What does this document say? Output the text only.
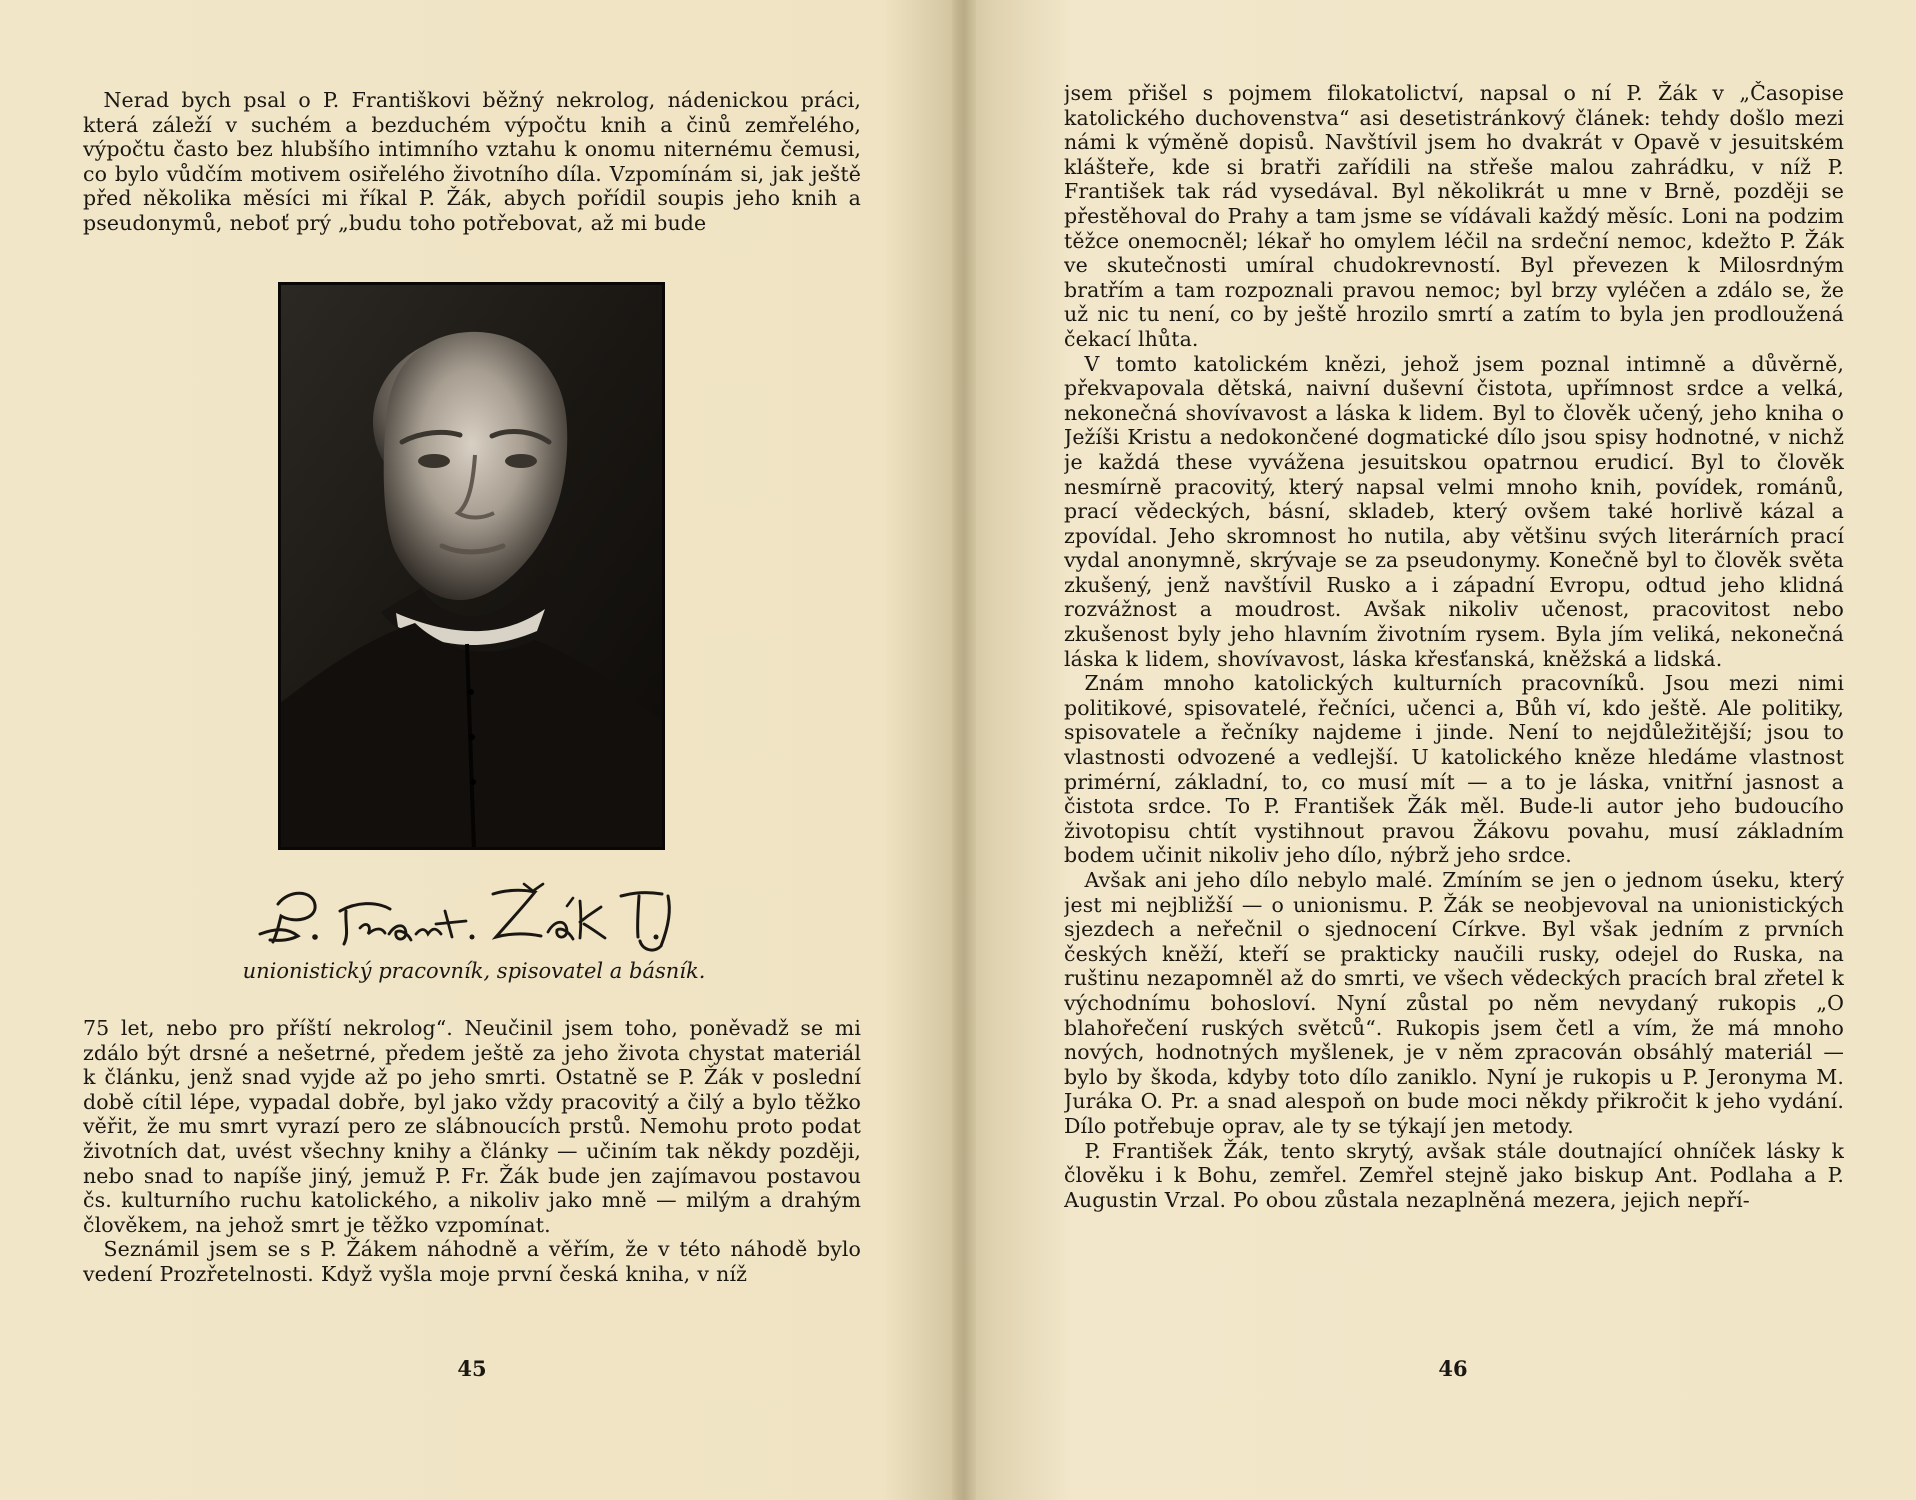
Nerad bych psal o P. Františkovi běžný nekrolog, nádenickou práci, která záleží v suchém a bezduchém výpočtu knih a činů zemřelého, výpočtu často bez hlubšího intimního vztahu k onomu niternému čemusi, co bylo vůdčím motivem osiřelého životního díla. Vzpomínám si, jak ještě před několika měsíci mi říkal P. Žák, abych pořídil soupis jeho knih a pseudonymů, neboť prý „budu toho potřebovat, až mi bude

unionistický pracovník, spisovatel a básník.

75 let, nebo pro příští nekrolog“. Neučinil jsem toho, poněvadž se mi zdálo být drsné a nešetrné, předem ještě za jeho života chystat materiál k článku, jenž snad vyjde až po jeho smrti. Ostatně se P. Žák v poslední době cítil lépe, vypadal dobře, byl jako vždy pracovitý a čilý a bylo těžko věřit, že mu smrt vyrazí pero ze slábnoucích prstů. Nemohu proto podat životních dat, uvést všechny knihy a články — učiním tak někdy později, nebo snad to napíše jiný, jemuž P. Fr. Žák bude jen zajímavou postavou čs. kulturního ruchu katolického, a nikoliv jako mně — milým a drahým člověkem, na jehož smrt je těžko vzpomínat.

Seznámil jsem se s P. Žákem náhodně a věřím, že v této náhodě bylo vedení Prozřetelnosti. Když vyšla moje první česká kniha, v níž

45

jsem přišel s pojmem filokatolictví, napsal o ní P. Žák v „Časopise katolického duchovenstva“ asi desetistránkový článek: tehdy došlo mezi námi k výměně dopisů. Navštívil jsem ho dvakrát v Opavě v jesuitském klášteře, kde si bratři zařídili na střeše malou zahrádku, v níž P. František tak rád vysedával. Byl několikrát u mne v Brně, později se přestěhoval do Prahy a tam jsme se vídávali každý měsíc. Loni na podzim těžce onemocněl; lékař ho omylem léčil na srdeční nemoc, kdežto P. Žák ve skutečnosti umíral chudokrevností. Byl převezen k Milosrdným bratřím a tam rozpoznali pravou nemoc; byl brzy vyléčen a zdálo se, že už nic tu není, co by ještě hrozilo smrtí a zatím to byla jen prodloužená čekací lhůta.

V tomto katolickém knězi, jehož jsem poznal intimně a důvěrně, překvapovala dětská, naivní duševní čistota, upřímnost srdce a velká, nekonečná shovívavost a láska k lidem. Byl to člověk učený, jeho kniha o Ježíši Kristu a nedokončené dogmatické dílo jsou spisy hodnotné, v nichž je každá these vyvážena jesuitskou opatrnou erudicí. Byl to člověk nesmírně pracovitý, který napsal velmi mnoho knih, povídek, románů, prací vědeckých, básní, skladeb, který ovšem také horlivě kázal a zpovídal. Jeho skromnost ho nutila, aby většinu svých literárních prací vydal anonymně, skrývaje se za pseudonymy. Konečně byl to člověk světa zkušený, jenž navštívil Rusko a i západní Evropu, odtud jeho klidná rozvážnost a moudrost. Avšak nikoliv učenost, pracovitost nebo zkušenost byly jeho hlavním životním rysem. Byla jím veliká, nekonečná láska k lidem, shovívavost, láska křesťanská, kněžská a lidská.

Znám mnoho katolických kulturních pracovníků. Jsou mezi nimi politikové, spisovatelé, řečníci, učenci a, Bůh ví, kdo ještě. Ale politiky, spisovatele a řečníky najdeme i jinde. Není to nejdůležitější; jsou to vlastnosti odvozené a vedlejší. U katolického kněze hledáme vlastnost primérní, základní, to, co musí mít — a to je láska, vnitřní jasnost a čistota srdce. To P. František Žák měl. Bude-li autor jeho budoucího životopisu chtít vystihnout pravou Žákovu povahu, musí základním bodem učinit nikoliv jeho dílo, nýbrž jeho srdce.

Avšak ani jeho dílo nebylo malé. Zmíním se jen o jednom úseku, který jest mi nejbližší — o unionismu. P. Žák se neobjevoval na unionistických sjezdech a neřečnil o sjednocení Církve. Byl však jedním z prvních českých kněží, kteří se prakticky naučili rusky, odejel do Ruska, na ruštinu nezapomněl až do smrti, ve všech vědeckých pracích bral zřetel k východnímu bohosloví. Nyní zůstal po něm nevydaný rukopis „O blahořečení ruských světců“. Rukopis jsem četl a vím, že má mnoho nových, hodnotných myšlenek, je v něm zpracován obsáhlý materiál — bylo by škoda, kdyby toto dílo zaniklo. Nyní je rukopis u P. Jeronyma M. Juráka O. Pr. a snad alespoň on bude moci někdy přikročit k jeho vydání. Dílo potřebuje oprav, ale ty se týkají jen metody.

P. František Žák, tento skrytý, avšak stále doutnající ohníček lásky k člověku i k Bohu, zemřel. Zemřel stejně jako biskup Ant. Podlaha a P. Augustin Vrzal. Po obou zůstala nezaplněná mezera, jejich nepří-

46
